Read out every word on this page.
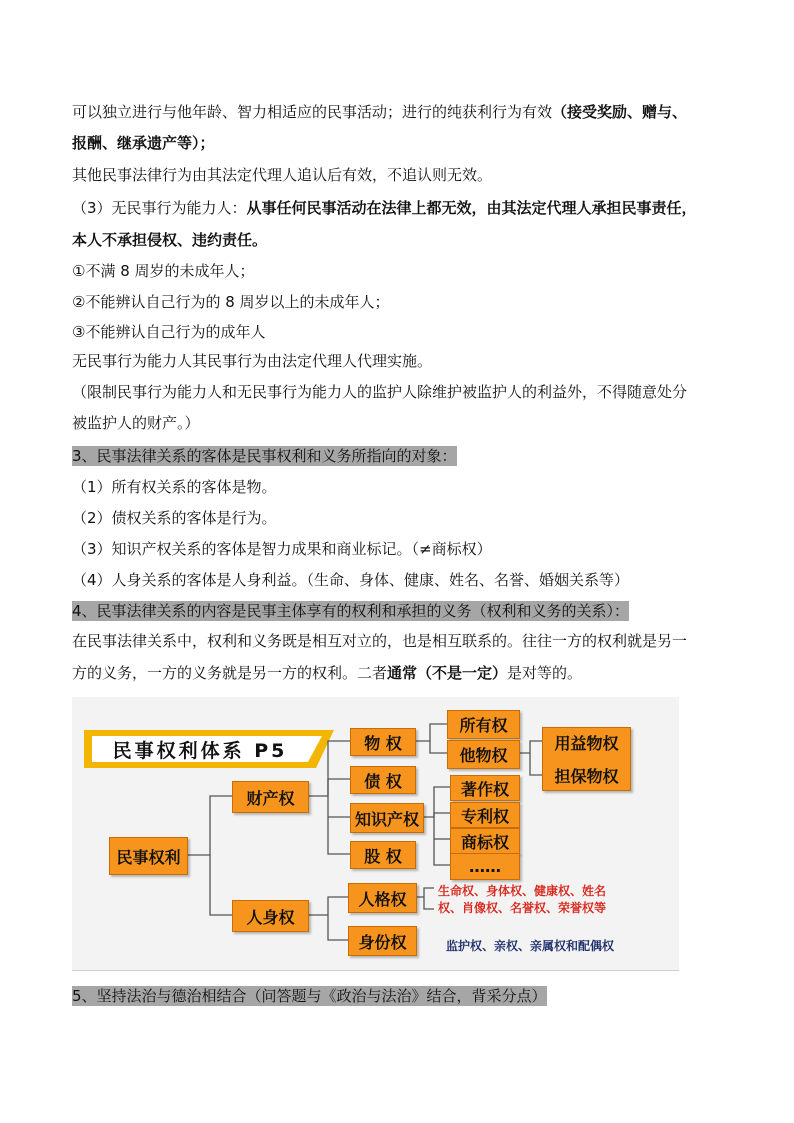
可以独立进行与他年龄、智力相适应的民事活动；进行的纯获利行为有效（接受奖励、赠与、
报酬、继承遗产等）；
其他民事法律行为由其法定代理人追认后有效，不追认则无效。
（3）无民事行为能力人：从事任何民事活动在法律上都无效，由其法定代理人承担民事责任，
本人不承担侵权、违约责任。
①不满 8 周岁的未成年人；
②不能辨认自己行为的 8 周岁以上的未成年人；
③不能辨认自己行为的成年人
无民事行为能力人其民事行为由法定代理人代理实施。
（限制民事行为能力人和无民事行为能力人的监护人除维护被监护人的利益外，不得随意处分
被监护人的财产。）
3、民事法律关系的客体是民事权利和义务所指向的对象：
（1）所有权关系的客体是物。
（2）债权关系的客体是行为。
（3）知识产权关系的客体是智力成果和商业标记。（≠商标权）
（4）人身关系的客体是人身利益。（生命、身体、健康、姓名、名誉、婚姻关系等）
4、民事法律关系的内容是民事主体享有的权利和承担的义务（权利和义务的关系）：
在民事法律关系中，权利和义务既是相互对立的，也是相互联系的。往往一方的权利就是另一
方的义务，一方的义务就是另一方的权利。二者通常（不是一定）是对等的。
民事权利体系 P5
民事权利
财产权
人身权
物 权
债 权
知识产权
股 权
所有权
他物权
用益物权
担保物权
著作权
专利权
商标权
……
人格权
身份权
生命权、身体权、健康权、姓名
权、肖像权、名誉权、荣誉权等
监护权、亲权、亲属权和配偶权
5、坚持法治与德治相结合（问答题与《政治与法治》结合，背采分点）
